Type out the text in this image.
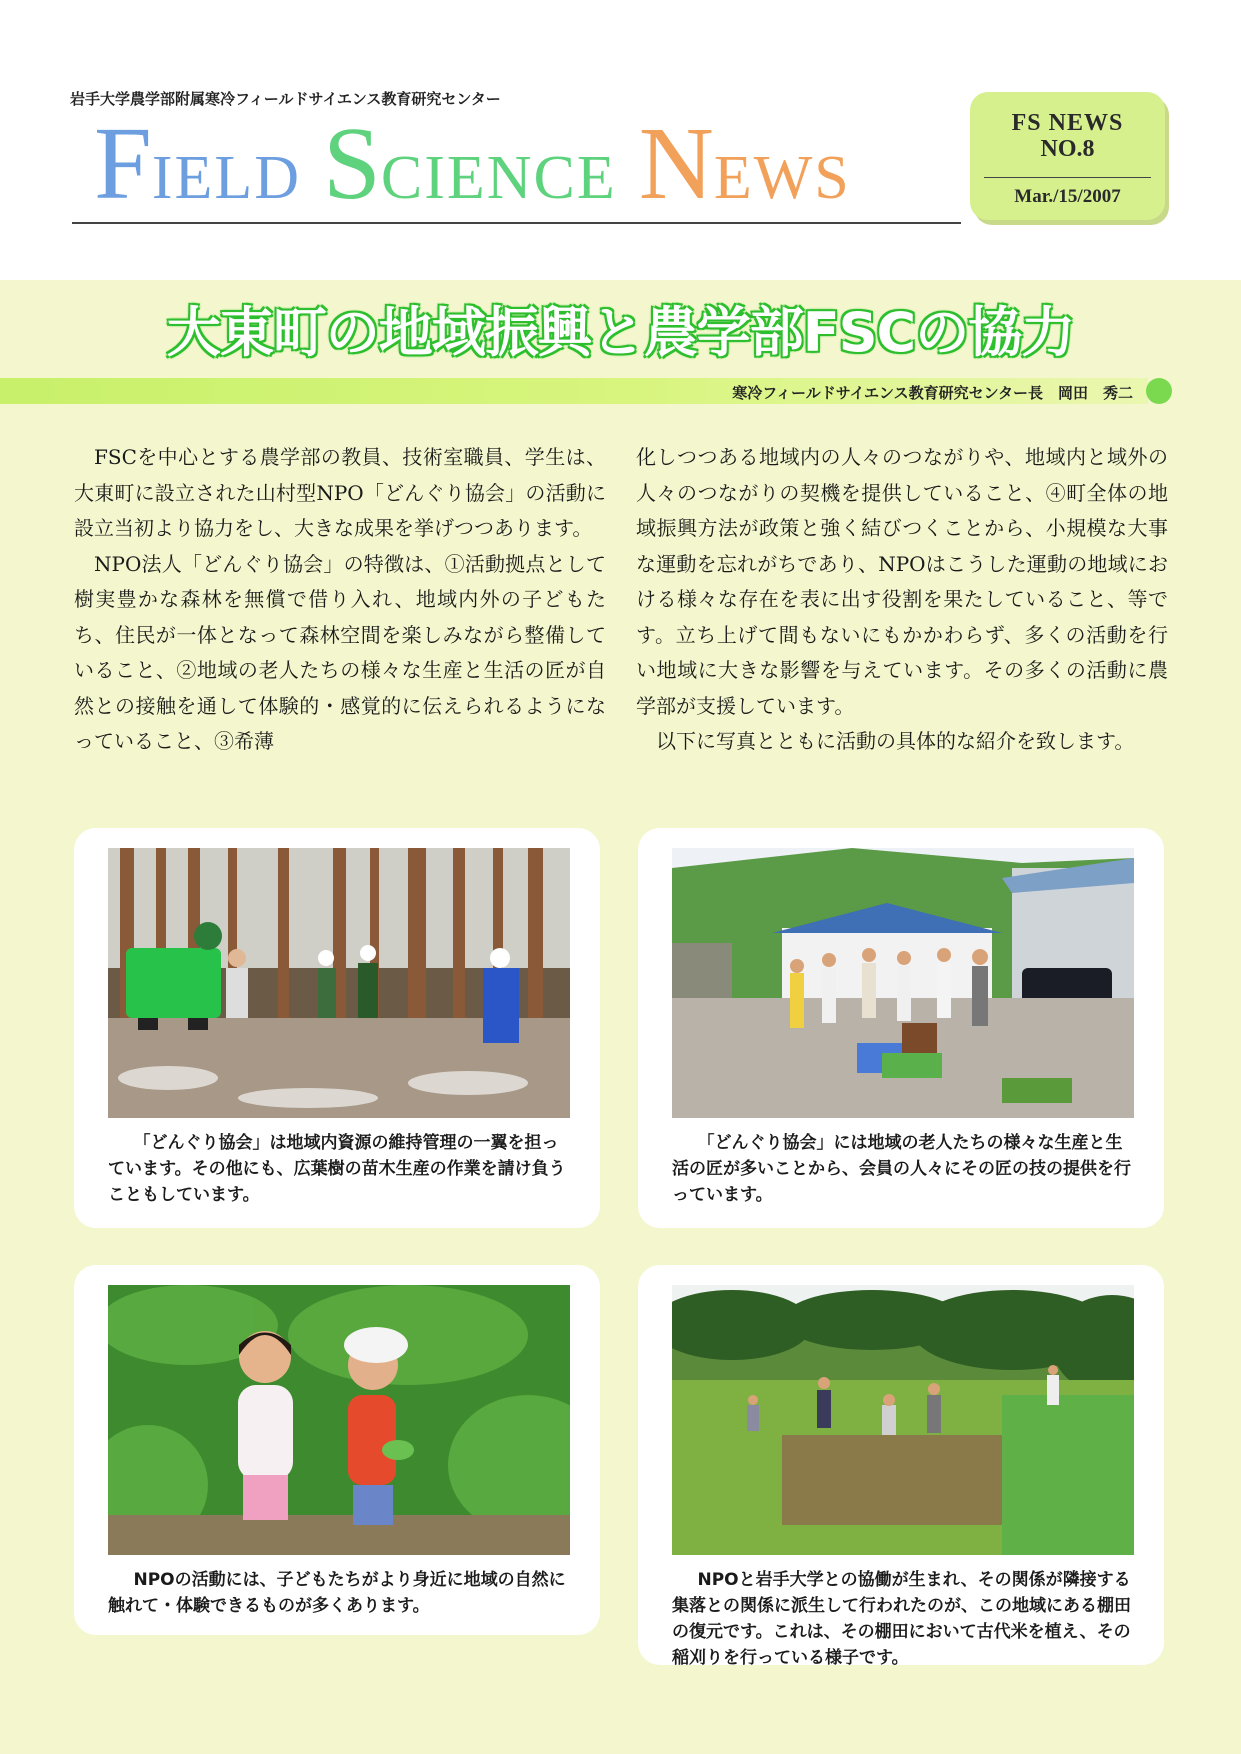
岩手大学農学部附属寒冷フィールドサイエンス教育研究センター
FIELD SCIENCE NEWS
FS NEWS
NO.8
Mar./15/2007
大東町の地域振興と農学部FSCの協力
寒冷フィールドサイエンス教育研究センター長　岡田　秀二

FSCを中心とする農学部の教員、技術室職員、学生は、大東町に設立された山村型NPO「どんぐり協会」の活動に設立当初より協力をし、大きな成果を挙げつつあります。

NPO法人「どんぐり協会」の特徴は、①活動拠点として樹実豊かな森林を無償で借り入れ、地域内外の子どもたち、住民が一体となって森林空間を楽しみながら整備していること、②地域の老人たちの様々な生産と生活の匠が自然との接触を通して体験的・感覚的に伝えられるようになっていること、③希薄

化しつつある地域内の人々のつながりや、地域内と域外の人々のつながりの契機を提供していること、④町全体の地域振興方法が政策と強く結びつくことから、小規模な大事な運動を忘れがちであり、NPOはこうした運動の地域における様々な存在を表に出す役割を果たしていること、等です。立ち上げて間もないにもかかわらず、多くの活動を行い地域に大きな影響を与えています。その多くの活動に農学部が支援しています。

以下に写真とともに活動の具体的な紹介を致します。

「どんぐり協会」は地域内資源の維持管理の一翼を担っています。その他にも、広葉樹の苗木生産の作業を請け負うこともしています。

「どんぐり協会」には地域の老人たちの様々な生産と生活の匠が多いことから、会員の人々にその匠の技の提供を行っています。

NPOの活動には、子どもたちがより身近に地域の自然に触れて・体験できるものが多くあります。

NPOと岩手大学との協働が生まれ、その関係が隣接する集落との関係に派生して行われたのが、この地域にある棚田の復元です。これは、その棚田において古代米を植え、その稲刈りを行っている様子です。
